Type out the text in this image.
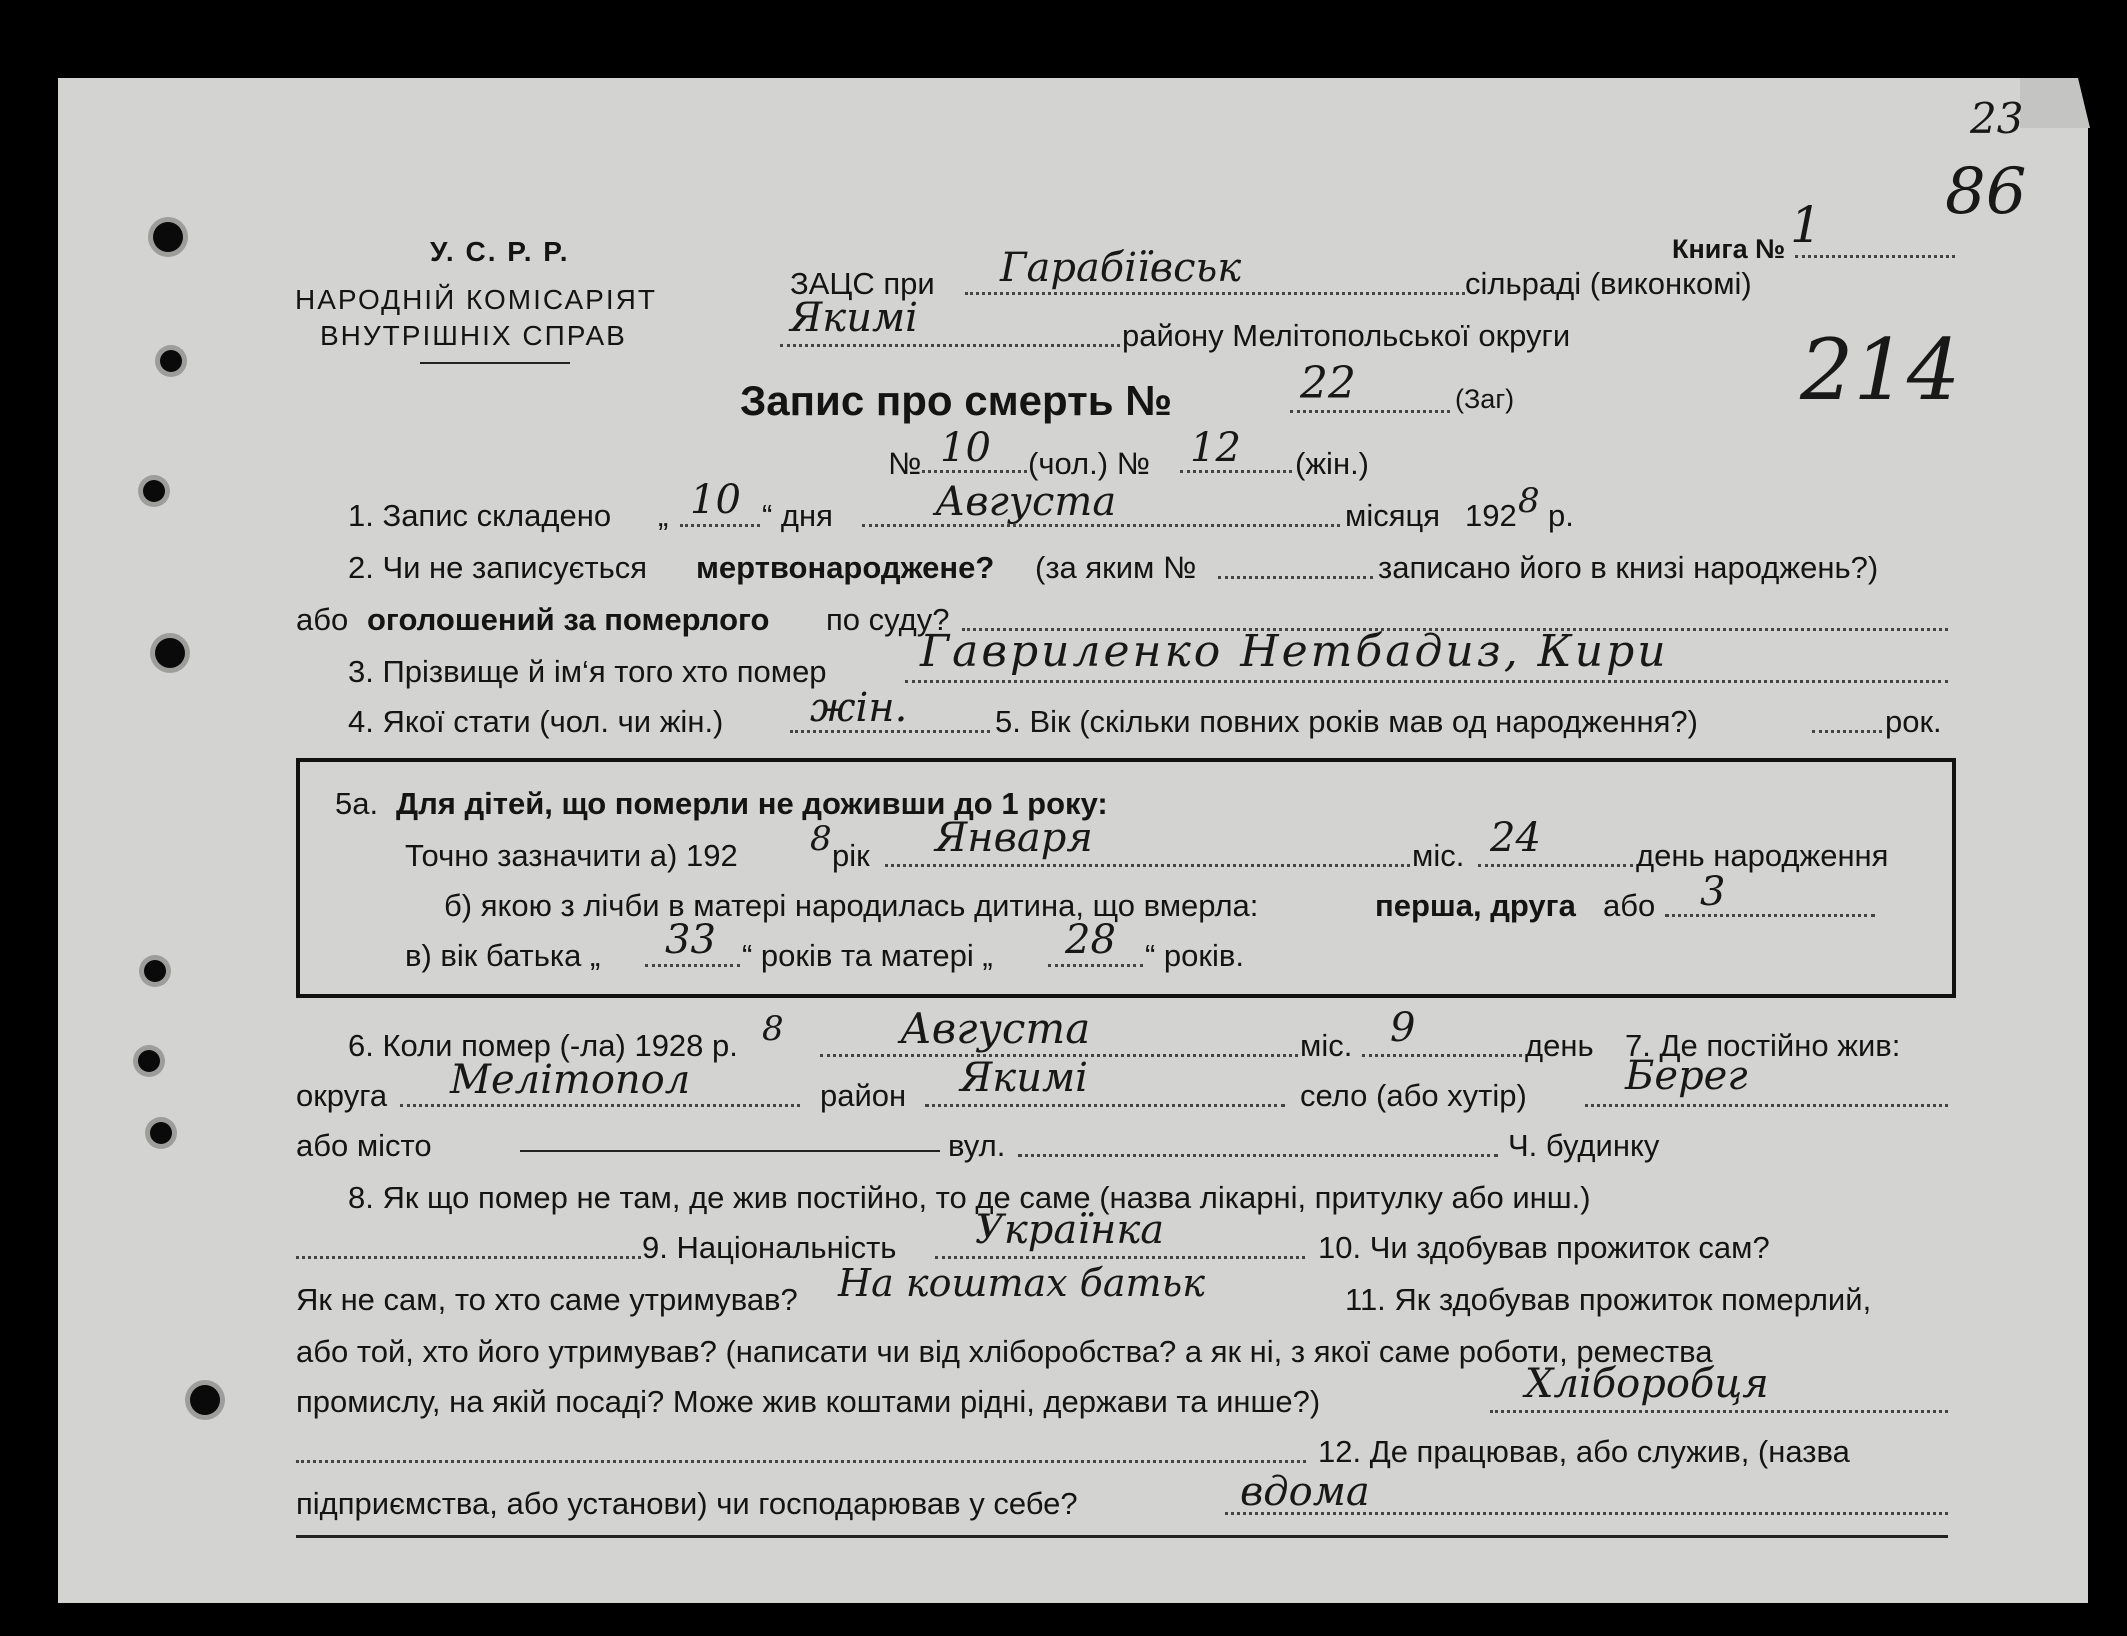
У. С. Р. Р.
НАРОДНІЙ КОМІСАРІЯТ
ВНУТРІШНІХ СПРАВ
Книга № 1
23
86
214
ЗАЦС при Гарабіївськ	сільраді (виконкомі)
Якимі	району Мелітопольської округи
Запис про смерть №	22	(Заг)
№ 10 (чол.) № 12 (жін.)
1. Запис складено „ 10 “ дня	Августа	місяця 192 8 р.
2. Чи не записується мертвонароджене? (за яким №	записано його в книзі народжень?)
або оголошений за померлого по суду?
3. Прізвище й ім‘я того хто помер Гавриленко Нетбадиз, Кири
4. Якої стати (чол. чи жін.) жін.	5. Вік (скільки повних років мав од народження?)	рок.
5а. Для дітей, що померли не доживши до 1 року:
Точно зазначити а) 192 8 рік Января	міс. 24	день народження
б) якою з лічби в матері народилась дитина, що вмерла:	перша, друга або 3
в) вік батька „ 33 “ років та матері „ 28 “ років.
6. Коли помер (-ла) 1928 р. 8	Августа	міс. 9	день 7. Де постійно жив:
округа Мелітопол	район Якимі	село (або хутір) Берег
або місто	вул.	Ч. будинку
8. Як що помер не там, де жив постійно, то де саме (назва лікарні, притулку або инш.)
9. Національність Українка	10. Чи здобував прожиток сам?
Як не сам, то хто саме утримував? На коштах батьк	11. Як здобував прожиток померлий,
або той, хто його утримував? (написати чи від хліборобства? а як ні, з якої саме роботи, ремества
промислу, на якій посаді? Може жив коштами рідні, держави та инше?)	Хліборобця
12. Де працював, або служив, (назва
підприємства, або установи) чи господарював у себе?	вдома
